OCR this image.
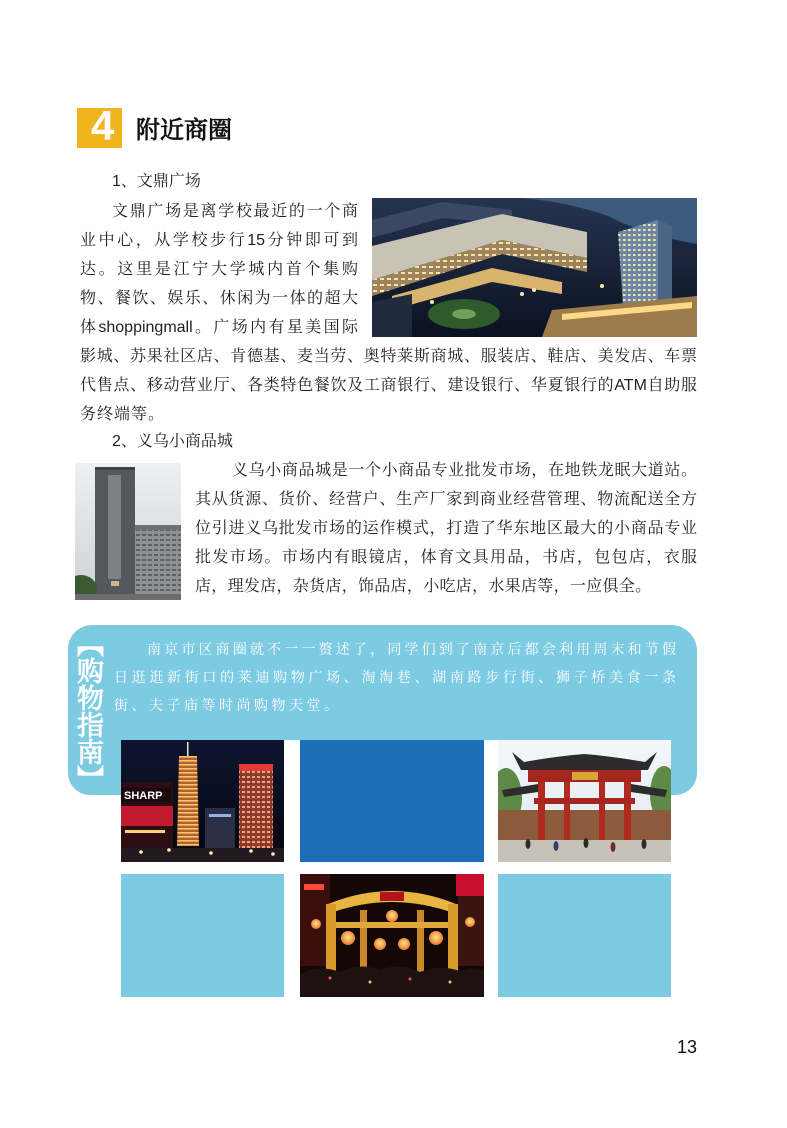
4 附近商圈
1、文鼎广场
文鼎广场是离学校最近的一个商
业中心，从学校步行15分钟即可到
达。这里是江宁大学城内首个集购
物、餐饮、娱乐、休闲为一体的超大
体shoppingmall。广场内有星美国际
影城、苏果社区店、肯德基、麦当劳、奥特莱斯商城、服装店、鞋店、美发店、车票
代售点、移动营业厅、各类特色餐饮及工商银行、建设银行、华夏银行的ATM自助服
务终端等。
2、义乌小商品城
义乌小商品城是一个小商品专业批发市场，在地铁龙眠大道站。
其从货源、货价、经营户、生产厂家到商业经营管理、物流配送全方
位引进义乌批发市场的运作模式，打造了华东地区最大的小商品专业
批发市场。市场内有眼镜店，体育文具用品，书店，包包店，衣服
店，理发店，杂货店，饰品店，小吃店，水果店等，一应俱全。
【购物指南】	南京市区商圈就不一一赘述了，同学们到了南京后都会利用周末和节假
日逛逛新街口的莱迪购物广场、淘淘巷、湖南路步行街、狮子桥美食一条
街、夫子庙等时尚购物天堂。
SHARP
13
